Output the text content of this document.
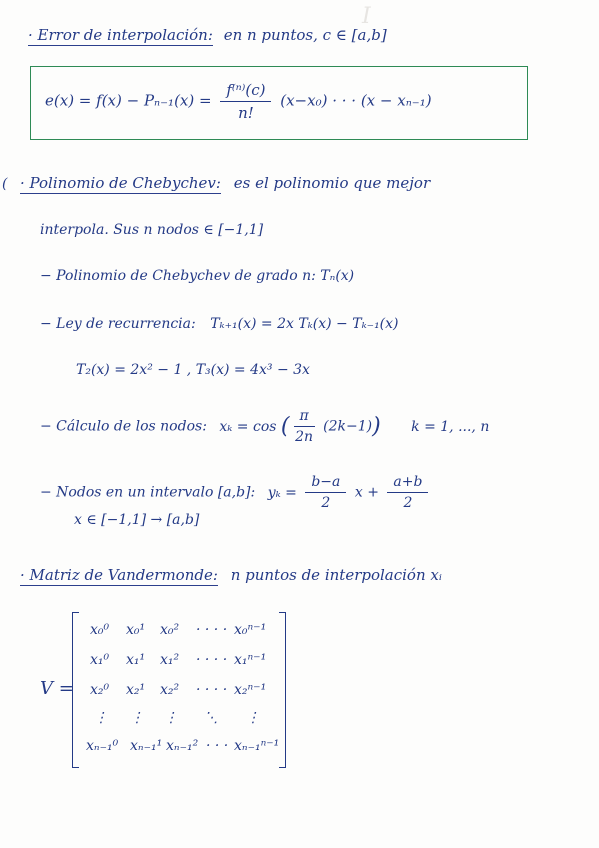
I
· Error de interpolación: en n puntos, c ∈ [a,b]
$e(x) = f(x) - P_{n-1}(x) = \frac{\text{f⁽ⁿ⁾(c)}}{n!} (x-x_0)$ · · · (x − xₙ₋₁)
( · Polinomio de Chebychev: es el polinomio que mejor
interpola. Sus n nodos ∈ [−1,1]
− Polinomio de Chebychev de grado n: Tₙ(x)
− Ley de recurrencia: Tₖ₊₁(x) = 2x Tₖ(x) − Tₖ₋₁(x)
T₂(x) = 2x² − 1 , T₃(x) = 4x³ − 3x
− Cálculo de los nodos: xₖ = cos ( $\frac{\pi}{2n} (2k-1)$) k = 1, ..., n
− Nodos en un intervalo [a,b]: $y_k = \frac{b-a}{2}$ $x + \frac{a+b}{2}$
x ∈ [−1,1] → [a,b]
· Matriz de Vandermonde: n puntos de interpolación xᵢ
V =
x₀⁰ x₀¹ x₀² · · · · x₀ⁿ⁻¹
x₁⁰ x₁¹ x₁² · · · · x₁ⁿ⁻¹
x₂⁰ x₂¹ x₂² · · · · x₂ⁿ⁻¹
⋮ ⋮ ⋮ ⋱ ⋮
xₙ₋₁⁰ xₙ₋₁¹ xₙ₋₁² · · · xₙ₋₁ⁿ⁻¹
